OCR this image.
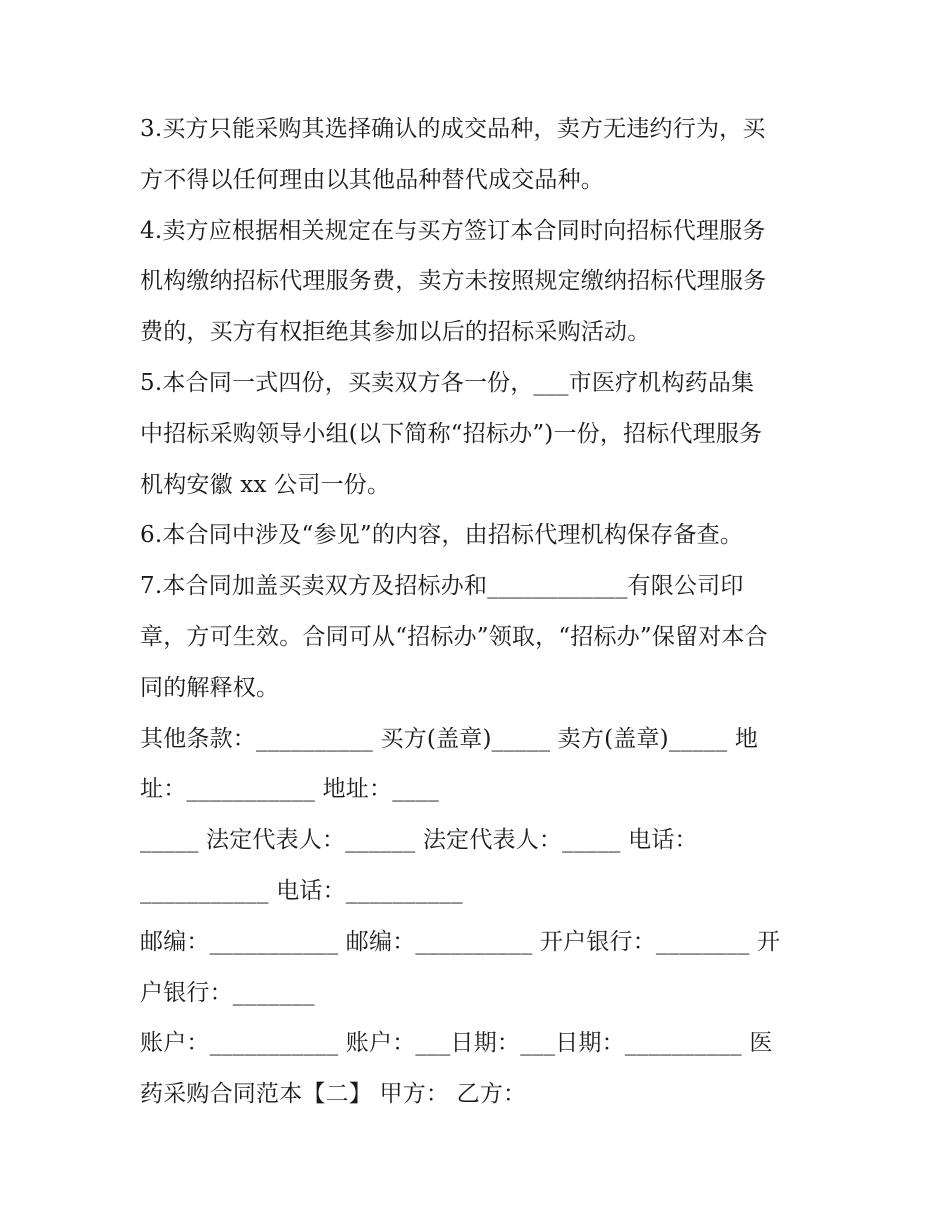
3.买方只能采购其选择确认的成交品种，卖方无违约行为，买
方不得以任何理由以其他品种替代成交品种。
4.卖方应根据相关规定在与买方签订本合同时向招标代理服务
机构缴纳招标代理服务费，卖方未按照规定缴纳招标代理服务
费的，买方有权拒绝其参加以后的招标采购活动。
5.本合同一式四份，买卖双方各一份，___市医疗机构药品集
中招标采购领导小组(以下简称“招标办”)一份，招标代理服务
机构安徽 xx 公司一份。
6.本合同中涉及“参见”的内容，由招标代理机构保存备查。
7.本合同加盖买卖双方及招标办和____________有限公司印
章，方可生效。合同可从“招标办”领取，“招标办”保留对本合
同的解释权。
其他条款：__________ 买方(盖章)_____ 卖方(盖章)_____ 地
址：___________ 地址：____
_____ 法定代表人：______ 法定代表人：_____ 电话：
___________ 电话：__________
邮编：___________ 邮编：__________ 开户银行：________ 开
户银行：_______
账户：___________ 账户：___日期：___日期：__________ 医
药采购合同范本【二】 甲方： 乙方：
